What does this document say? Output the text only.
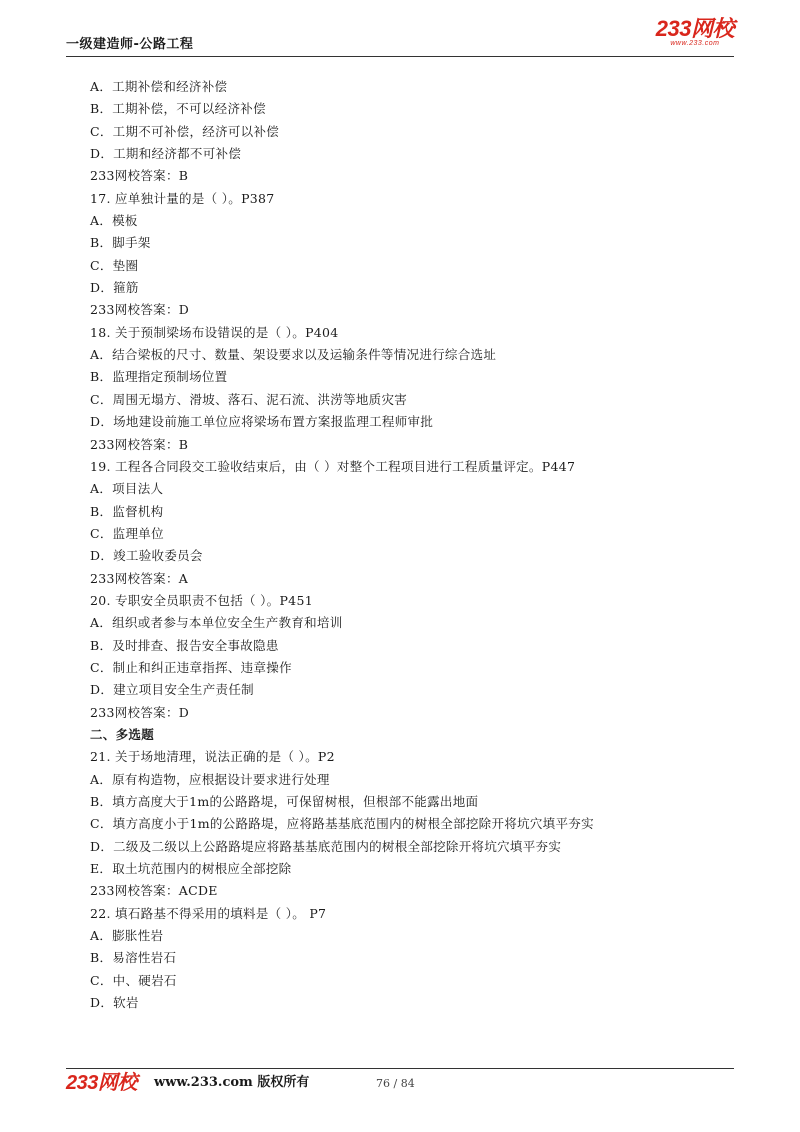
一级建造师-公路工程
233网校
www.233.com
A．工期补偿和经济补偿
B．工期补偿，不可以经济补偿
C．工期不可补偿，经济可以补偿
D．工期和经济都不可补偿
233网校答案：B
17. 应单独计量的是（ ）。P387
A．模板
B．脚手架
C．垫圈
D．箍筋
233网校答案：D
18. 关于预制梁场布设错误的是（ ）。P404
A．结合梁板的尺寸、数量、架设要求以及运输条件等情况进行综合选址
B．监理指定预制场位置
C．周围无塌方、滑坡、落石、泥石流、洪涝等地质灾害
D．场地建设前施工单位应将梁场布置方案报监理工程师审批
233网校答案：B
19. 工程各合同段交工验收结束后，由（ ）对整个工程项目进行工程质量评定。P447
A．项目法人
B．监督机构
C．监理单位
D．竣工验收委员会
233网校答案：A
20. 专职安全员职责不包括（ ）。P451
A．组织或者参与本单位安全生产教育和培训
B．及时排查、报告安全事故隐患
C．制止和纠正违章指挥、违章操作
D．建立项目安全生产责任制
233网校答案：D
二、多选题
21. 关于场地清理，说法正确的是（ ）。P2
A．原有构造物，应根据设计要求进行处理
B．填方高度大于1m的公路路堤，可保留树根，但根部不能露出地面
C．填方高度小于1m的公路路堤，应将路基基底范围内的树根全部挖除开将坑穴填平夯实
D．二级及二级以上公路路堤应将路基基底范围内的树根全部挖除开将坑穴填平夯实
E．取土坑范围内的树根应全部挖除
233网校答案：ACDE
22. 填石路基不得采用的填料是（ ）。 P7
A．膨胀性岩
B．易溶性岩石
C．中、硬岩石
D．软岩
233网校 www.233.com 版权所有	76 / 84
